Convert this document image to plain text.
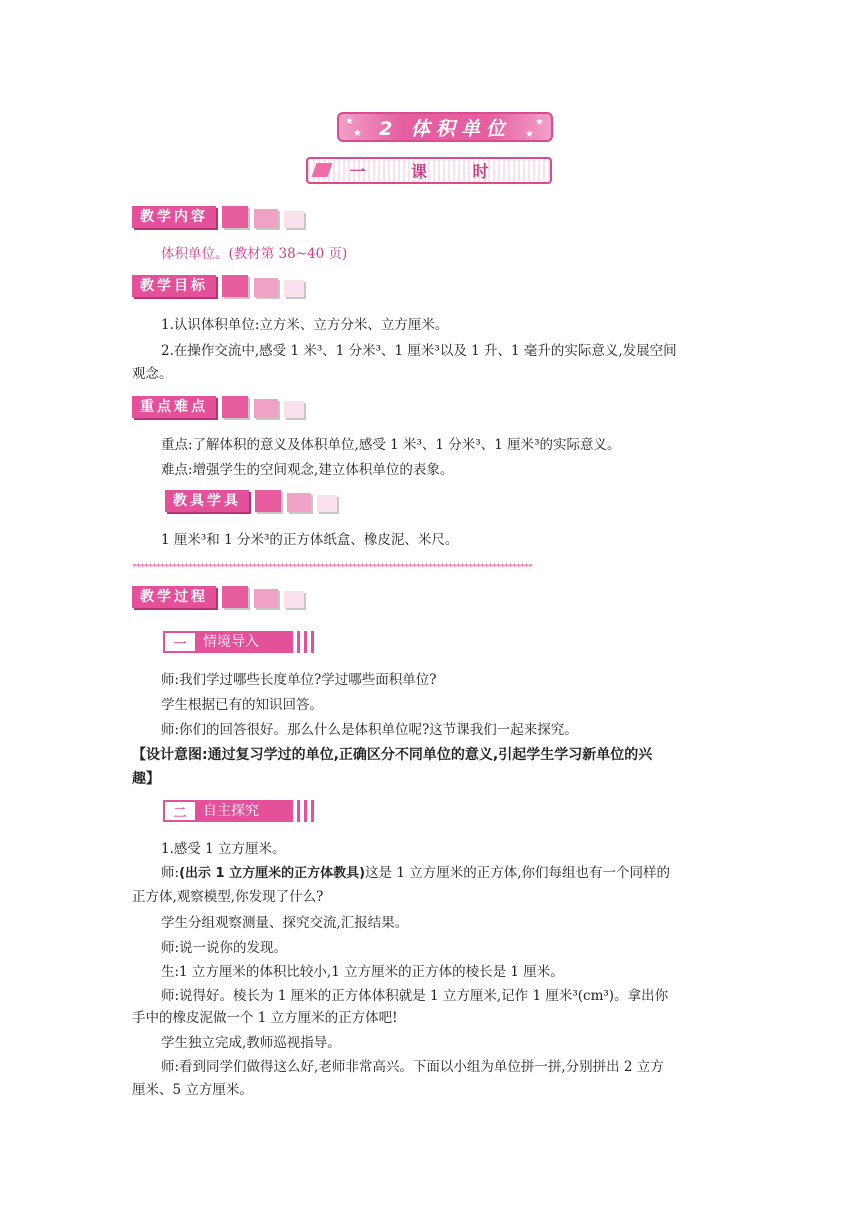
★
★
★
★
2 体积单位
一 课 时
教学内容
体积单位。(教材第 38~40 页)
教学目标
1.认识体积单位:立方米、立方分米、立方厘米。
2.在操作交流中,感受 1 米³、1 分米³、1 厘米³以及 1 升、1 毫升的实际意义,发展空间
观念。
重点难点
重点:了解体积的意义及体积单位,感受 1 米³、1 分米³、1 厘米³的实际意义。
难点:增强学生的空间观念,建立体积单位的表象。
教具学具
1 厘米³和 1 分米³的正方体纸盒、橡皮泥、米尺。
****************************************************************************************************
教学过程
一	情境导入
师:我们学过哪些长度单位?学过哪些面积单位?
学生根据已有的知识回答。
师:你们的回答很好。那么什么是体积单位呢?这节课我们一起来探究。
【设计意图:通过复习学过的单位,正确区分不同单位的意义,引起学生学习新单位的兴
趣】
二	自主探究
1.感受 1 立方厘米。
师:(出示 1 立方厘米的正方体教具)这是 1 立方厘米的正方体,你们每组也有一个同样的
正方体,观察模型,你发现了什么?
学生分组观察测量、探究交流,汇报结果。
师:说一说你的发现。
生:1 立方厘米的体积比较小,1 立方厘米的正方体的棱长是 1 厘米。
师:说得好。棱长为 1 厘米的正方体体积就是 1 立方厘米,记作 1 厘米³(cm³)。拿出你
手中的橡皮泥做一个 1 立方厘米的正方体吧!
学生独立完成,教师巡视指导。
师:看到同学们做得这么好,老师非常高兴。下面以小组为单位拼一拼,分别拼出 2 立方
厘米、5 立方厘米。
